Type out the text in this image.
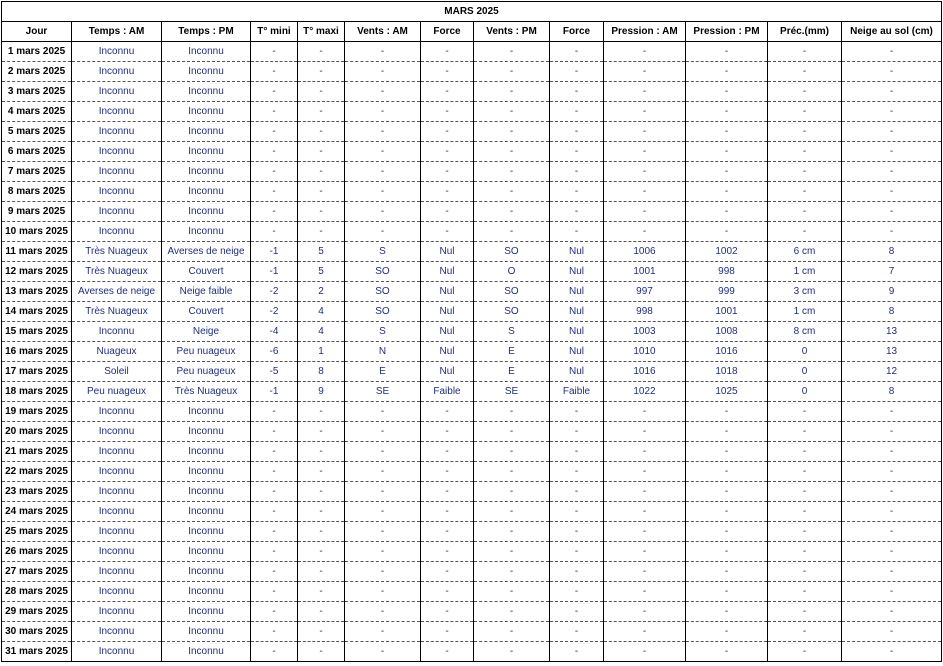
MARS 2025												
Jour	Temps : AM	Temps : PM	T° mini	T° maxi	Vents : AM	Force	Vents : PM	Force	Pression : AM	Pression : PM	Préc.(mm)	Neige au sol (cm)
1 mars 2025	Inconnu	Inconnu	-	-	-	-	-	-	-	-	-	-
2 mars 2025	Inconnu	Inconnu	-	-	-	-	-	-	-	-	-	-
3 mars 2025	Inconnu	Inconnu	-	-	-	-	-	-	-	-	-	-
4 mars 2025	Inconnu	Inconnu	-	-	-	-	-	-	-	-	-	-
5 mars 2025	Inconnu	Inconnu	-	-	-	-	-	-	-	-	-	-
6 mars 2025	Inconnu	Inconnu	-	-	-	-	-	-	-	-	-	-
7 mars 2025	Inconnu	Inconnu	-	-	-	-	-	-	-	-	-	-
8 mars 2025	Inconnu	Inconnu	-	-	-	-	-	-	-	-	-	-
9 mars 2025	Inconnu	Inconnu	-	-	-	-	-	-	-	-	-	-
10 mars 2025	Inconnu	Inconnu	-	-	-	-	-	-	-	-	-	-
11 mars 2025	Très Nuageux	Averses de neige	-1	5	S	Nul	SO	Nul	1006	1002	6 cm	8
12 mars 2025	Très Nuageux	Couvert	-1	5	SO	Nul	O	Nul	1001	998	1 cm	7
13 mars 2025	Averses de neige	Neige faible	-2	2	SO	Nul	SO	Nul	997	999	3 cm	9
14 mars 2025	Très Nuageux	Couvert	-2	4	SO	Nul	SO	Nul	998	1001	1 cm	8
15 mars 2025	Inconnu	Neige	-4	4	S	Nul	S	Nul	1003	1008	8 cm	13
16 mars 2025	Nuageux	Peu nuageux	-6	1	N	Nul	E	Nul	1010	1016	0	13
17 mars 2025	Soleil	Peu nuageux	-5	8	E	Nul	E	Nul	1016	1018	0	12
18 mars 2025	Peu nuageux	Très Nuageux	-1	9	SE	Faible	SE	Faible	1022	1025	0	8
19 mars 2025	Inconnu	Inconnu	-	-	-	-	-	-	-	-	-	-
20 mars 2025	Inconnu	Inconnu	-	-	-	-	-	-	-	-	-	-
21 mars 2025	Inconnu	Inconnu	-	-	-	-	-	-	-	-	-	-
22 mars 2025	Inconnu	Inconnu	-	-	-	-	-	-	-	-	-	-
23 mars 2025	Inconnu	Inconnu	-	-	-	-	-	-	-	-	-	-
24 mars 2025	Inconnu	Inconnu	-	-	-	-	-	-	-	-	-	-
25 mars 2025	Inconnu	Inconnu	-	-	-	-	-	-	-	-	-	-
26 mars 2025	Inconnu	Inconnu	-	-	-	-	-	-	-	-	-	-
27 mars 2025	Inconnu	Inconnu	-	-	-	-	-	-	-	-	-	-
28 mars 2025	Inconnu	Inconnu	-	-	-	-	-	-	-	-	-	-
29 mars 2025	Inconnu	Inconnu	-	-	-	-	-	-	-	-	-	-
30 mars 2025	Inconnu	Inconnu	-	-	-	-	-	-	-	-	-	-
31 mars 2025	Inconnu	Inconnu	-	-	-	-	-	-	-	-	-	-
